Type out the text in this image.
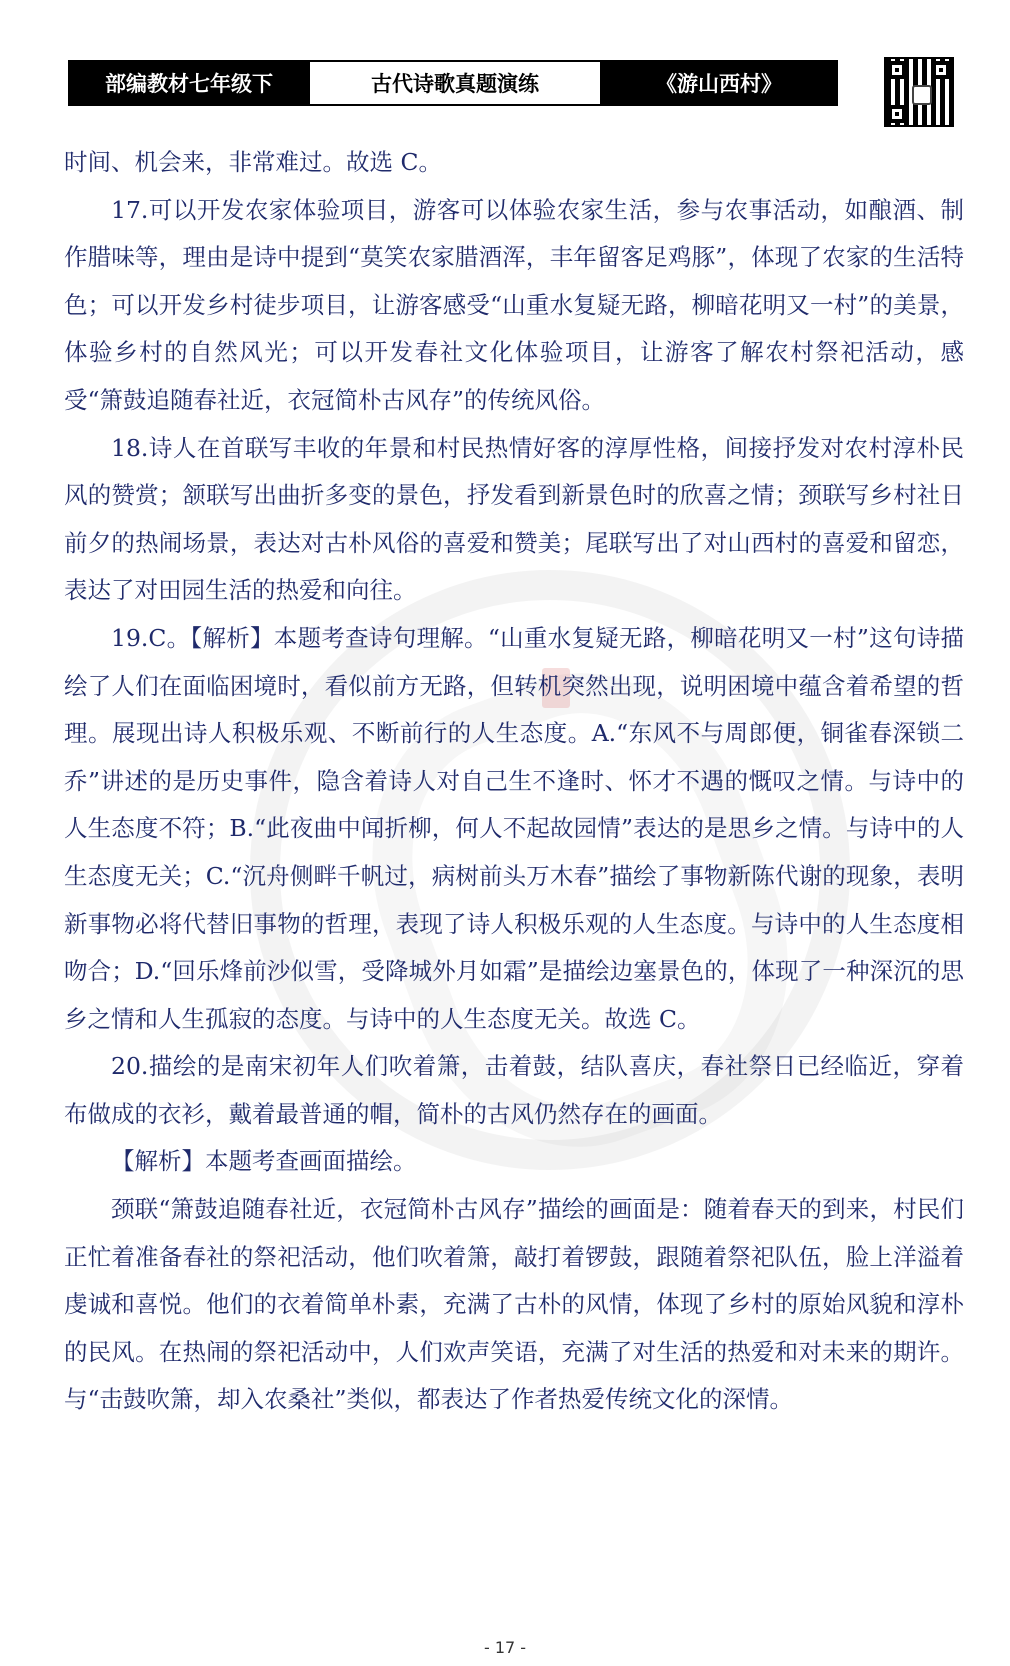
部编教材七年级下	古代诗歌真题演练	《游山西村》

时间、机会来，非常难过。故选 C。

17.可以开发农家体验项目，游客可以体验农家生活，参与农事活动，如酿酒、制作腊味等，理由是诗中提到“莫笑农家腊酒浑，丰年留客足鸡豚”，体现了农家的生活特色；可以开发乡村徒步项目，让游客感受“山重水复疑无路，柳暗花明又一村”的美景，体验乡村的自然风光；可以开发春社文化体验项目，让游客了解农村祭祀活动，感受“箫鼓追随春社近，衣冠简朴古风存”的传统风俗。

18.诗人在首联写丰收的年景和村民热情好客的淳厚性格，间接抒发对农村淳朴民风的赞赏；颔联写出曲折多变的景色，抒发看到新景色时的欣喜之情；颈联写乡村社日前夕的热闹场景，表达对古朴风俗的喜爱和赞美；尾联写出了对山西村的喜爱和留恋，表达了对田园生活的热爱和向往。

19.C。【解析】本题考查诗句理解。“山重水复疑无路，柳暗花明又一村”这句诗描绘了人们在面临困境时，看似前方无路，但转机突然出现，说明困境中蕴含着希望的哲理。展现出诗人积极乐观、不断前行的人生态度。A.“东风不与周郎便，铜雀春深锁二乔”讲述的是历史事件，隐含着诗人对自己生不逢时、怀才不遇的慨叹之情。与诗中的人生态度不符；B.“此夜曲中闻折柳，何人不起故园情”表达的是思乡之情。与诗中的人生态度无关；C.“沉舟侧畔千帆过，病树前头万木春”描绘了事物新陈代谢的现象，表明新事物必将代替旧事物的哲理，表现了诗人积极乐观的人生态度。与诗中的人生态度相吻合；D.“回乐烽前沙似雪，受降城外月如霜”是描绘边塞景色的，体现了一种深沉的思乡之情和人生孤寂的态度。与诗中的人生态度无关。故选 C。

20.描绘的是南宋初年人们吹着箫，击着鼓，结队喜庆，春社祭日已经临近，穿着布做成的衣衫，戴着最普通的帽，简朴的古风仍然存在的画面。

【解析】本题考查画面描绘。

颈联“箫鼓追随春社近，衣冠简朴古风存”描绘的画面是：随着春天的到来，村民们正忙着准备春社的祭祀活动，他们吹着箫，敲打着锣鼓，跟随着祭祀队伍，脸上洋溢着虔诚和喜悦。他们的衣着简单朴素，充满了古朴的风情，体现了乡村的原始风貌和淳朴的民风。在热闹的祭祀活动中，人们欢声笑语，充满了对生活的热爱和对未来的期许。与“击鼓吹箫，却入农桑社”类似，都表达了作者热爱传统文化的深情。

- 17 -
